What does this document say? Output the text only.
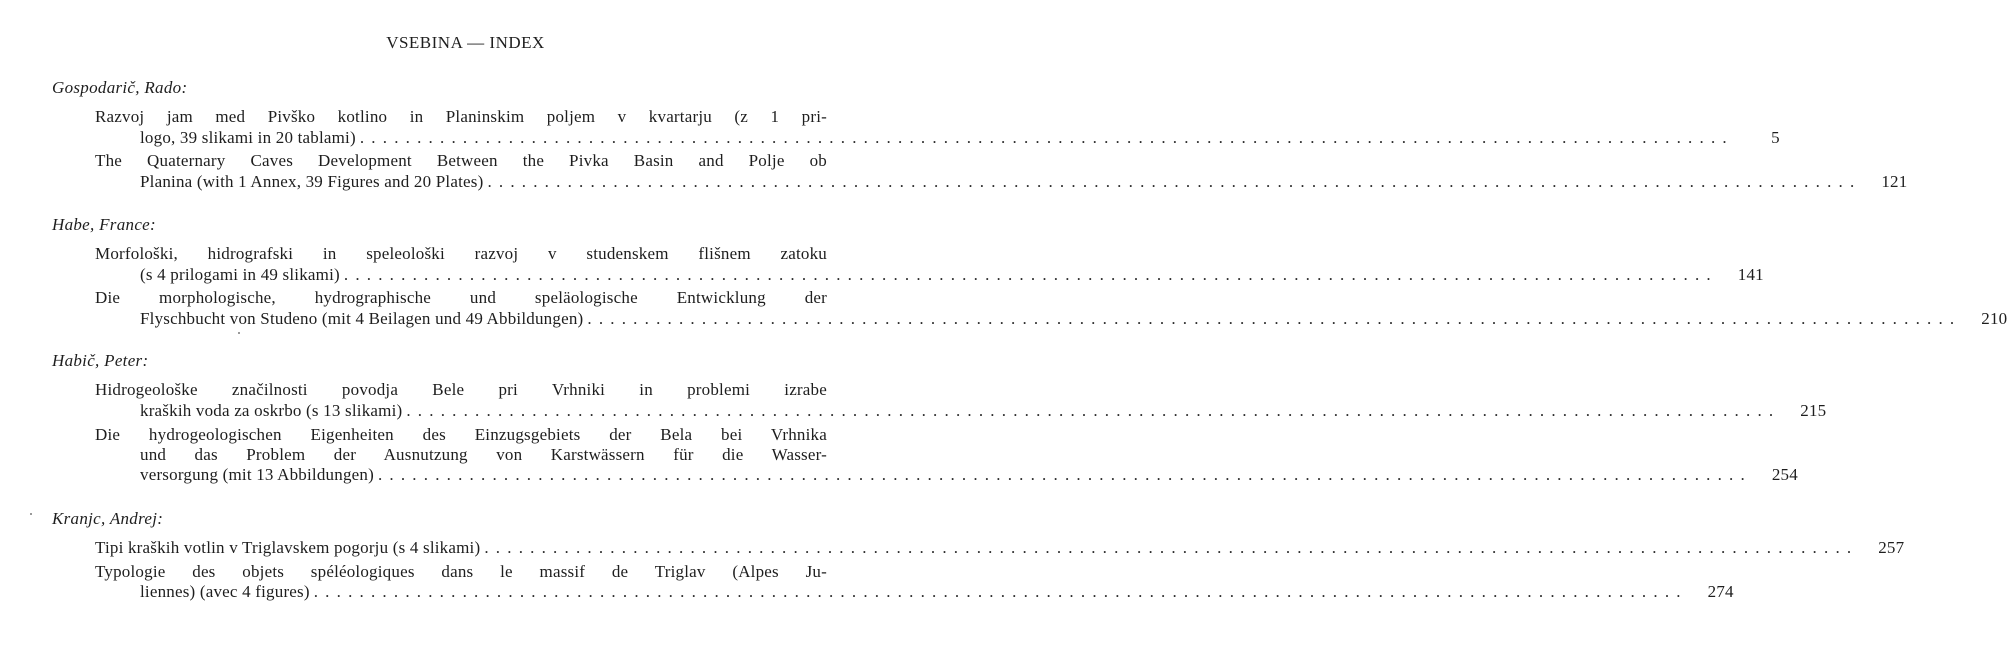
VSEBINA — INDEX
Gospodarič, Rado:
Razvoj jam med Pivško kotlino in Planinskim poljem v kvartarju (z 1 pri-
logo, 39 slikami in 20 tablami) ........................................................................................................................	5
The Quaternary Caves Development Between the Pivka Basin and Polje ob
Planina (with 1 Annex, 39 Figures and 20 Plates) ........................................................................................................................	121
Habe, France:
Morfološki, hidrografski in speleološki razvoj v studenskem flišnem zatoku
(s 4 prilogami in 49 slikami) ........................................................................................................................	141
Die morphologische, hydrographische und speläologische Entwicklung der
Flyschbucht von Studeno (mit 4 Beilagen und 49 Abbildungen) ........................................................................................................................	210
Habič, Peter:
Hidrogeološke značilnosti povodja Bele pri Vrhniki in problemi izrabe
kraških voda za oskrbo (s 13 slikami) ........................................................................................................................	215
Die hydrogeologischen Eigenheiten des Einzugsgebiets der Bela bei Vrhnika
und das Problem der Ausnutzung von Karstwässern für die Wasser-
versorgung (mit 13 Abbildungen) ........................................................................................................................	254
Kranjc, Andrej:
Tipi kraških votlin v Triglavskem pogorju (s 4 slikami) ........................................................................................................................	257
Typologie des objets spéléologiques dans le massif de Triglav (Alpes Ju-
liennes) (avec 4 figures) ........................................................................................................................	274
